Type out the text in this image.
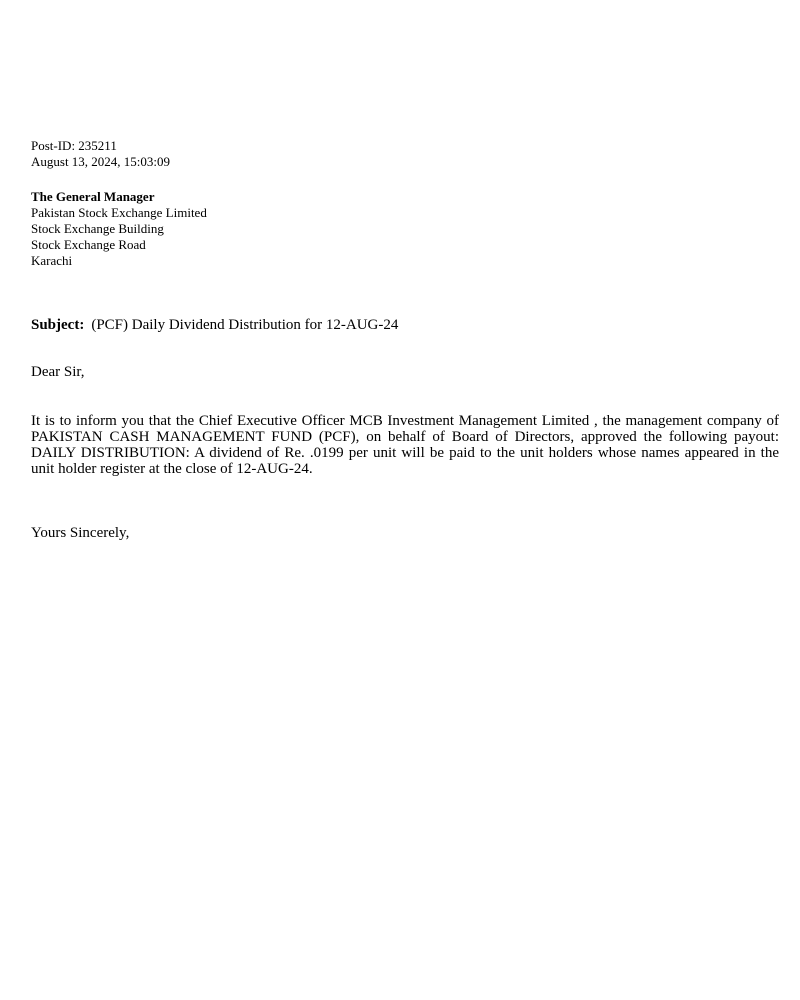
Post-ID: 235211
August 13, 2024, 15:03:09
The General Manager
Pakistan Stock Exchange Limited
Stock Exchange Building
Stock Exchange Road
Karachi
Subject: (PCF) Daily Dividend Distribution for 12-AUG-24
Dear Sir,

It is to inform you that the Chief Executive Officer MCB Investment Management Limited , the management company of PAKISTAN CASH MANAGEMENT FUND (PCF), on behalf of Board of Directors, approved the following payout: DAILY DISTRIBUTION: A dividend of Re. .0199 per unit will be paid to the unit holders whose names appeared in the unit holder register at the close of 12-AUG-24.

Yours Sincerely,
